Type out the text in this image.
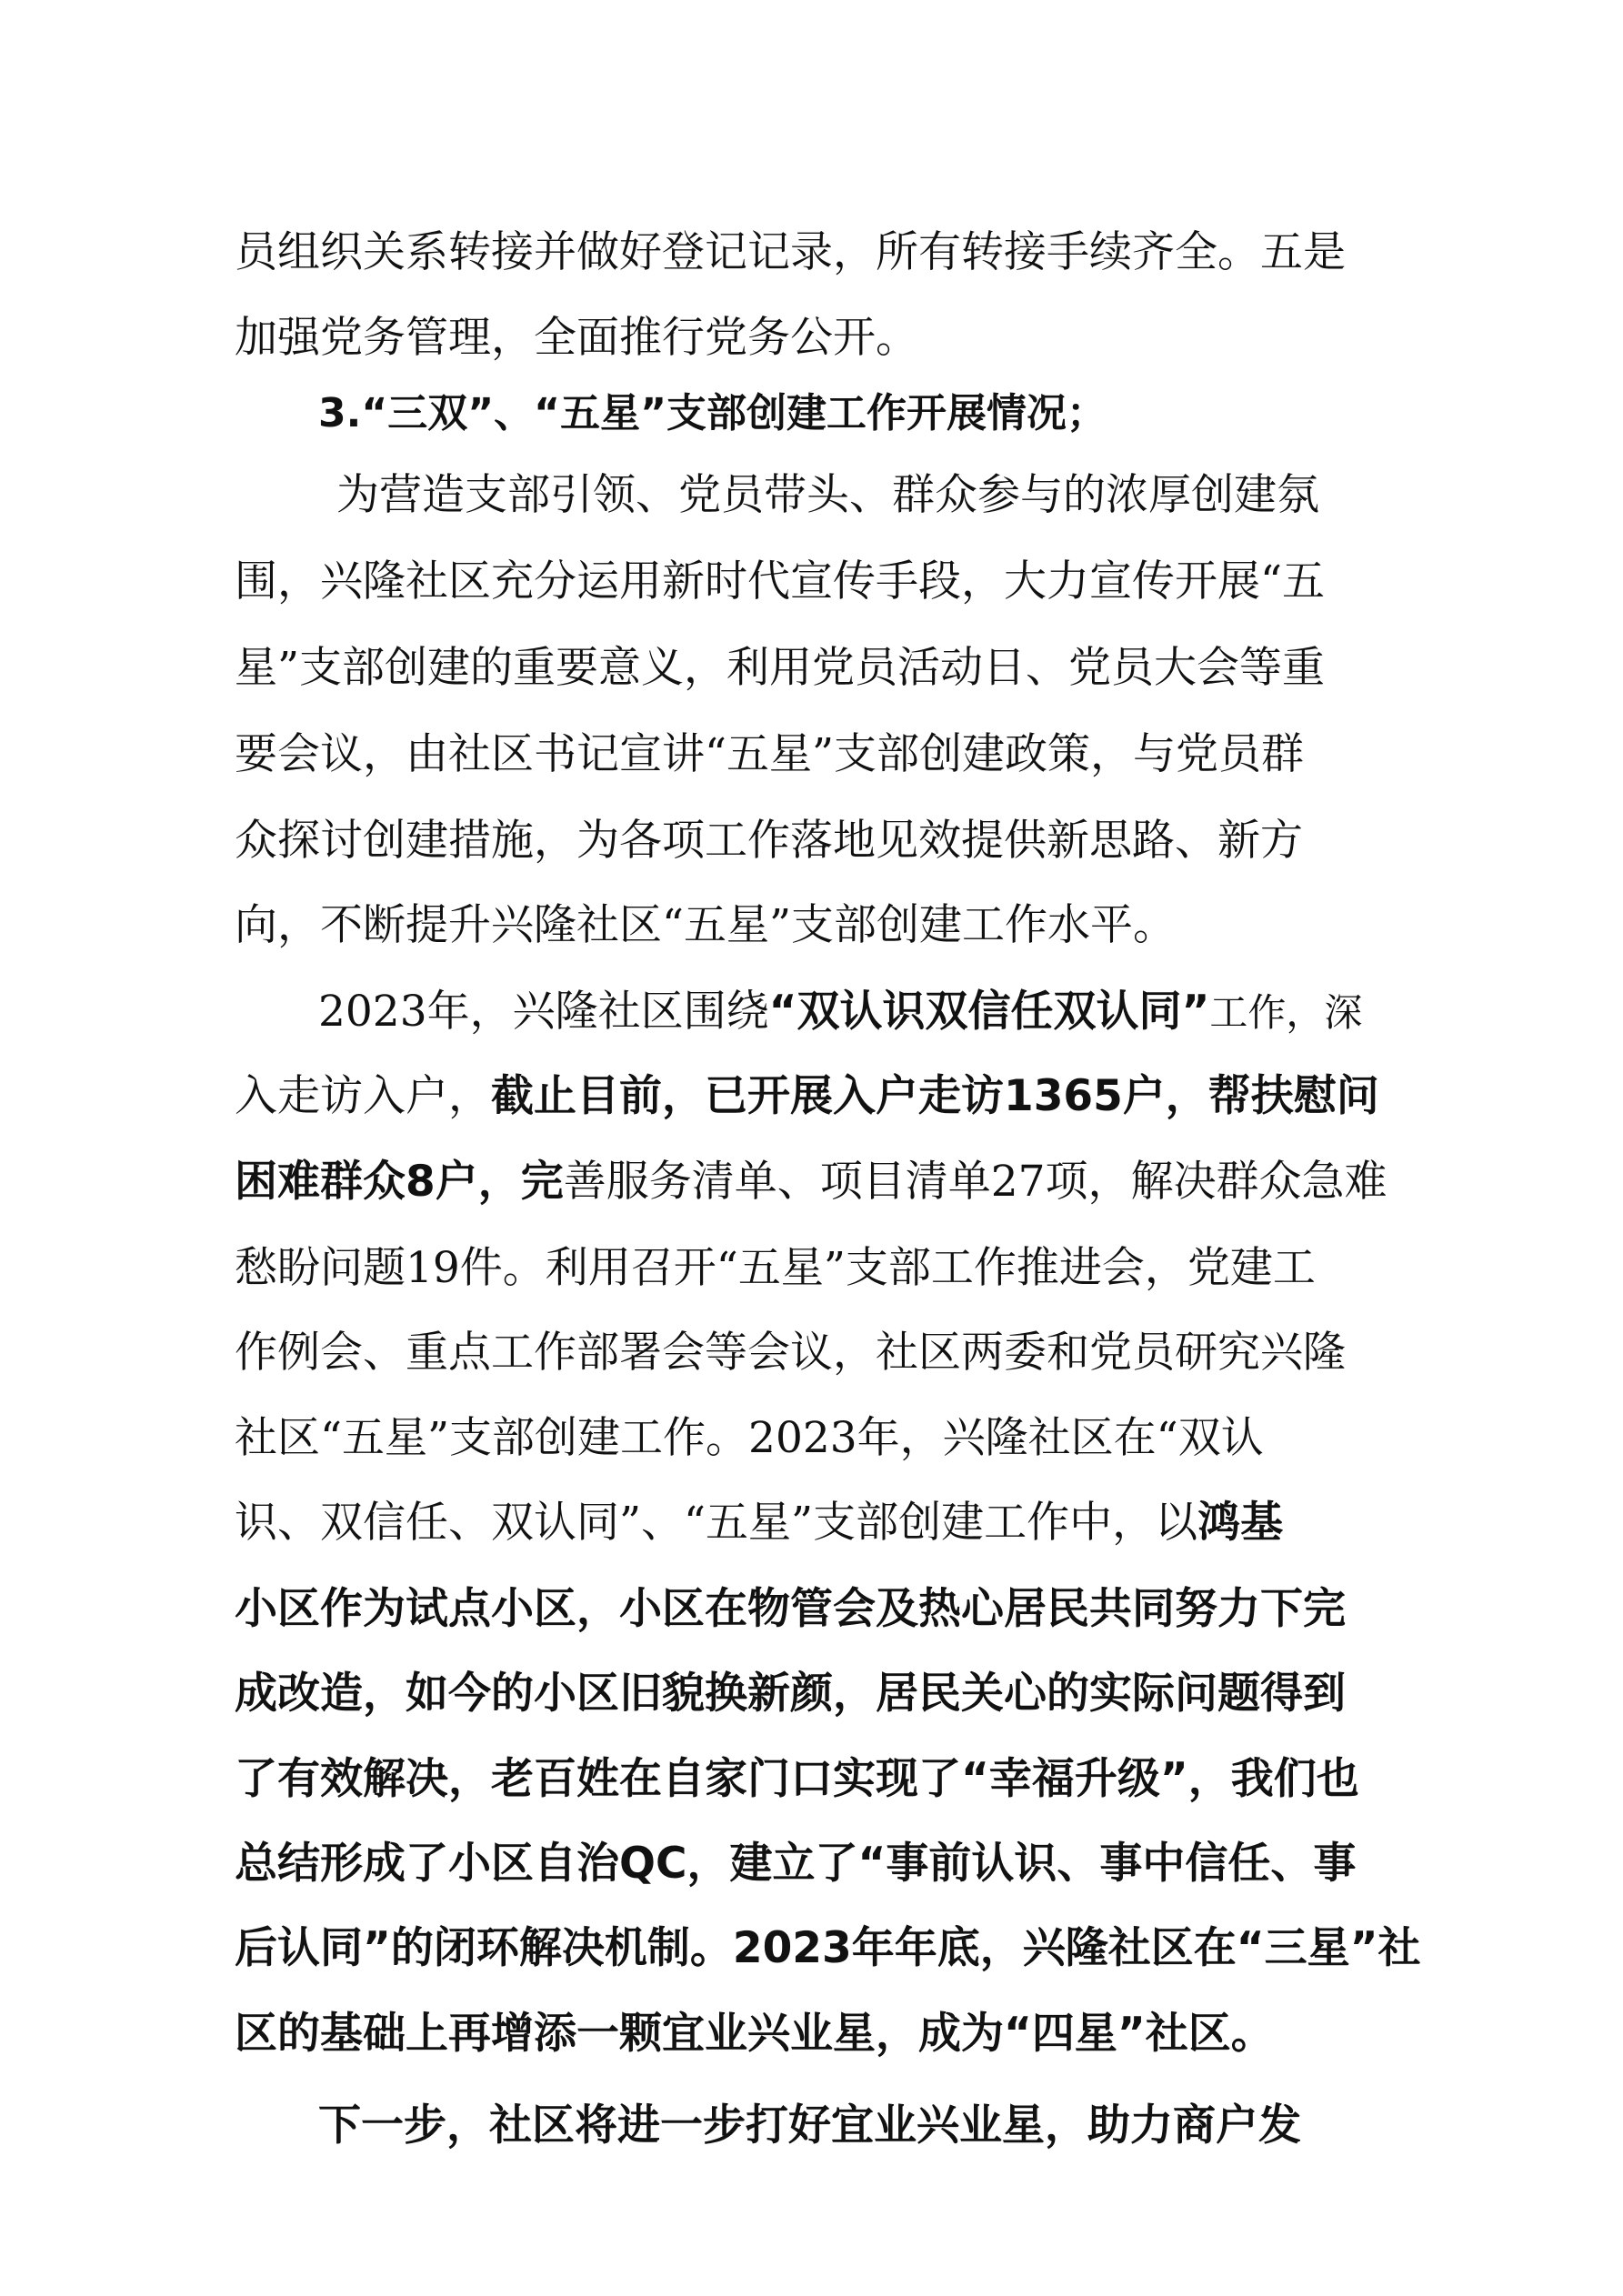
员组织关系转接并做好登记记录，所有转接手续齐全。五是
加强党务管理，全面推行党务公开。
3.“三双”、“五星”支部创建工作开展情况；
为营造支部引领、党员带头、群众参与的浓厚创建氛
围，兴隆社区充分运用新时代宣传手段，大力宣传开展“五
星”支部创建的重要意义，利用党员活动日、党员大会等重
要会议，由社区书记宣讲“五星”支部创建政策，与党员群
众探讨创建措施，为各项工作落地见效提供新思路、新方
向，不断提升兴隆社区“五星”支部创建工作水平。
2023年，兴隆社区围绕“双认识双信任双认同”工作，深
入走访入户，截止目前，已开展入户走访1365户，帮扶慰问
困难群众8户，完善服务清单、项目清单27项，解决群众急难
愁盼问题19件。利用召开“五星”支部工作推进会，党建工
作例会、重点工作部署会等会议，社区两委和党员研究兴隆
社区“五星”支部创建工作。2023年，兴隆社区在“双认
识、双信任、双认同”、“五星”支部创建工作中，以鸿基
小区作为试点小区，小区在物管会及热心居民共同努力下完
成改造，如今的小区旧貌换新颜，居民关心的实际问题得到
了有效解决，老百姓在自家门口实现了“幸福升级”，我们也
总结形成了小区自治QC，建立了“事前认识、事中信任、事
后认同”的闭环解决机制。2023年年底，兴隆社区在“三星”社
区的基础上再增添一颗宜业兴业星，成为“四星”社区。
下一步，社区将进一步打好宜业兴业星，助力商户发
